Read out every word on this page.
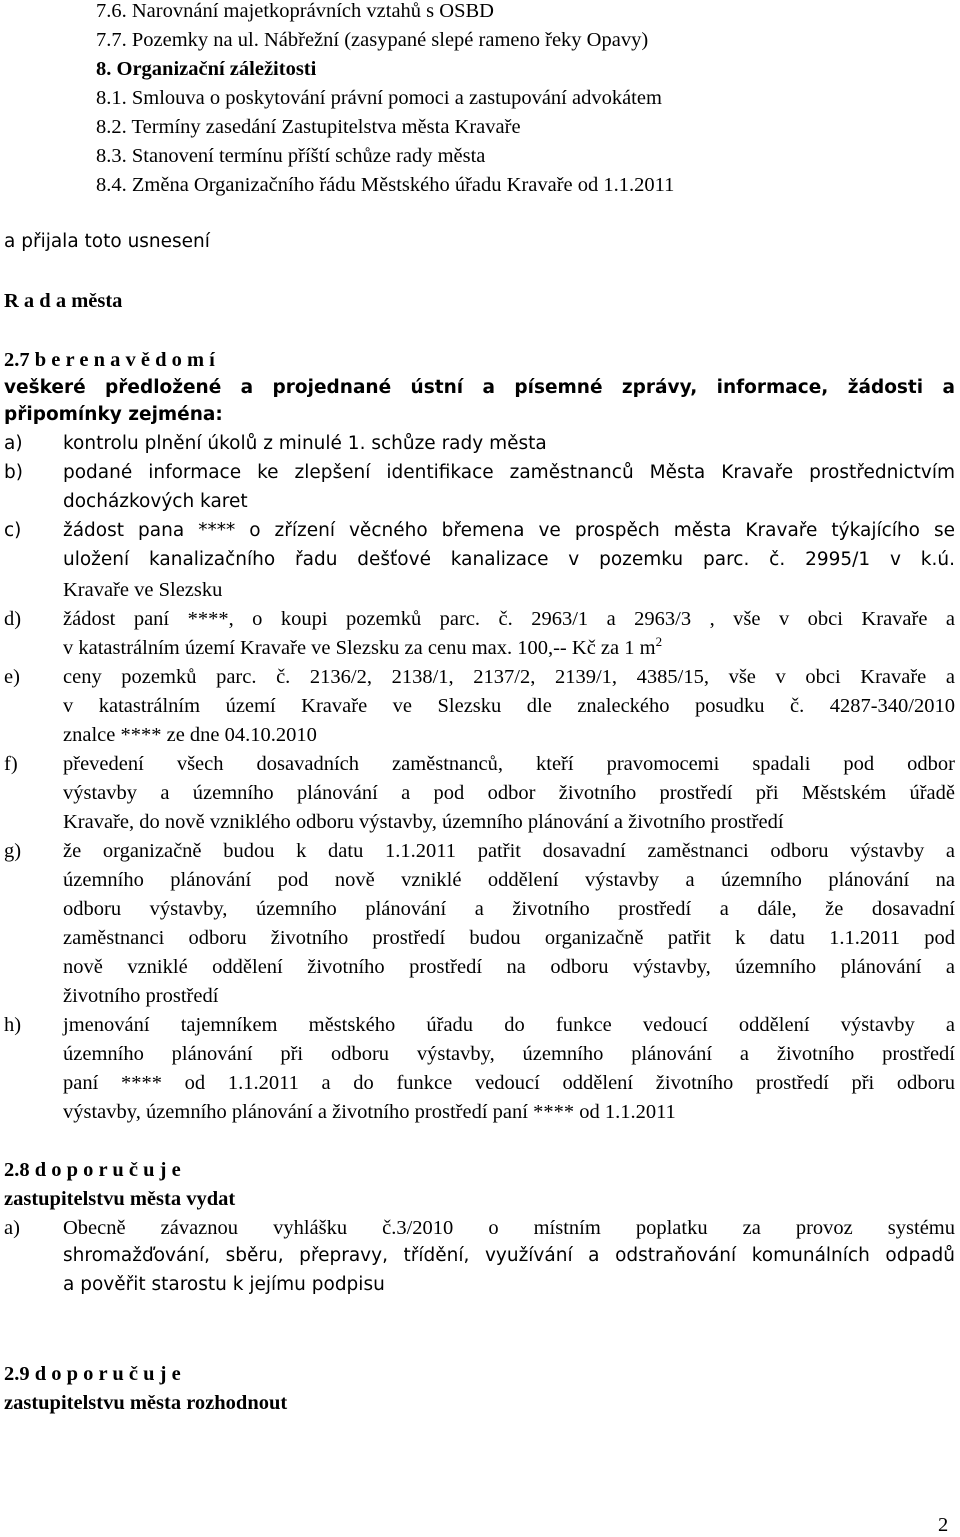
7.6. Narovnání majetkoprávních vztahů s OSBD
7.7. Pozemky na ul. Nábřežní (zasypané slepé rameno řeky Opavy)
8. Organizační záležitosti
8.1. Smlouva o poskytování právní pomoci a zastupování advokátem
8.2. Termíny zasedání Zastupitelstva města Kravaře
8.3. Stanovení termínu příští schůze rady města
8.4. Změna Organizačního řádu Městského úřadu Kravaře od 1.1.2011
a přijala toto usnesení
R a d a města
2.7 b e r e n a v ě d o m í
veškeré předložené a projednané ústní a písemné zprávy, informace, žádosti a
připomínky zejména:
a) kontrolu plnění úkolů z minulé 1. schůze rady města
b) podané informace ke zlepšení identifikace zaměstnanců Města Kravaře prostřednictvím
docházkových karet
c) žádost pana **** o zřízení věcného břemena ve prospěch města Kravaře týkajícího se
uložení kanalizačního řadu dešťové kanalizace v pozemku parc. č. 2995/1 v k.ú.
Kravaře ve Slezsku
d) žádost paní ****, o koupi pozemků parc. č. 2963/1 a 2963/3 , vše v obci Kravaře a
v katastrálním území Kravaře ve Slezsku za cenu max. 100,-- Kč za 1 $m^2$
e) ceny pozemků parc. č. 2136/2, 2138/1, 2137/2, 2139/1, 4385/15, vše v obci Kravaře a
v katastrálním území Kravaře ve Slezsku dle znaleckého posudku č. 4287-340/2010
znalce **** ze dne 04.10.2010
f) převedení všech dosavadních zaměstnanců, kteří pravomocemi spadali pod odbor
výstavby a územního plánování a pod odbor životního prostředí při Městském úřadě
Kravaře, do nově vzniklého odboru výstavby, územního plánování a životního prostředí
g) že organizačně budou k datu 1.1.2011 patřit dosavadní zaměstnanci odboru výstavby a
územního plánování pod nově vzniklé oddělení výstavby a územního plánování na
odboru výstavby, územního plánování a životního prostředí a dále, že dosavadní
zaměstnanci odboru životního prostředí budou organizačně patřit k datu 1.1.2011 pod
nově vzniklé oddělení životního prostředí na odboru výstavby, územního plánování a
životního prostředí
h) jmenování tajemníkem městského úřadu do funkce vedoucí oddělení výstavby a
územního plánování při odboru výstavby, územního plánování a životního prostředí
paní **** od 1.1.2011 a do funkce vedoucí oddělení životního prostředí při odboru
výstavby, územního plánování a životního prostředí paní **** od 1.1.2011
2.8 d o p o r u č u j e
zastupitelstvu města vydat
a) Obecně závaznou vyhlášku č.3/2010 o místním poplatku za provoz systému
shromažďování, sběru, přepravy, třídění, využívání a odstraňování komunálních odpadů
a pověřit starostu k jejímu podpisu
2.9 d o p o r u č u j e
zastupitelstvu města rozhodnout
2
